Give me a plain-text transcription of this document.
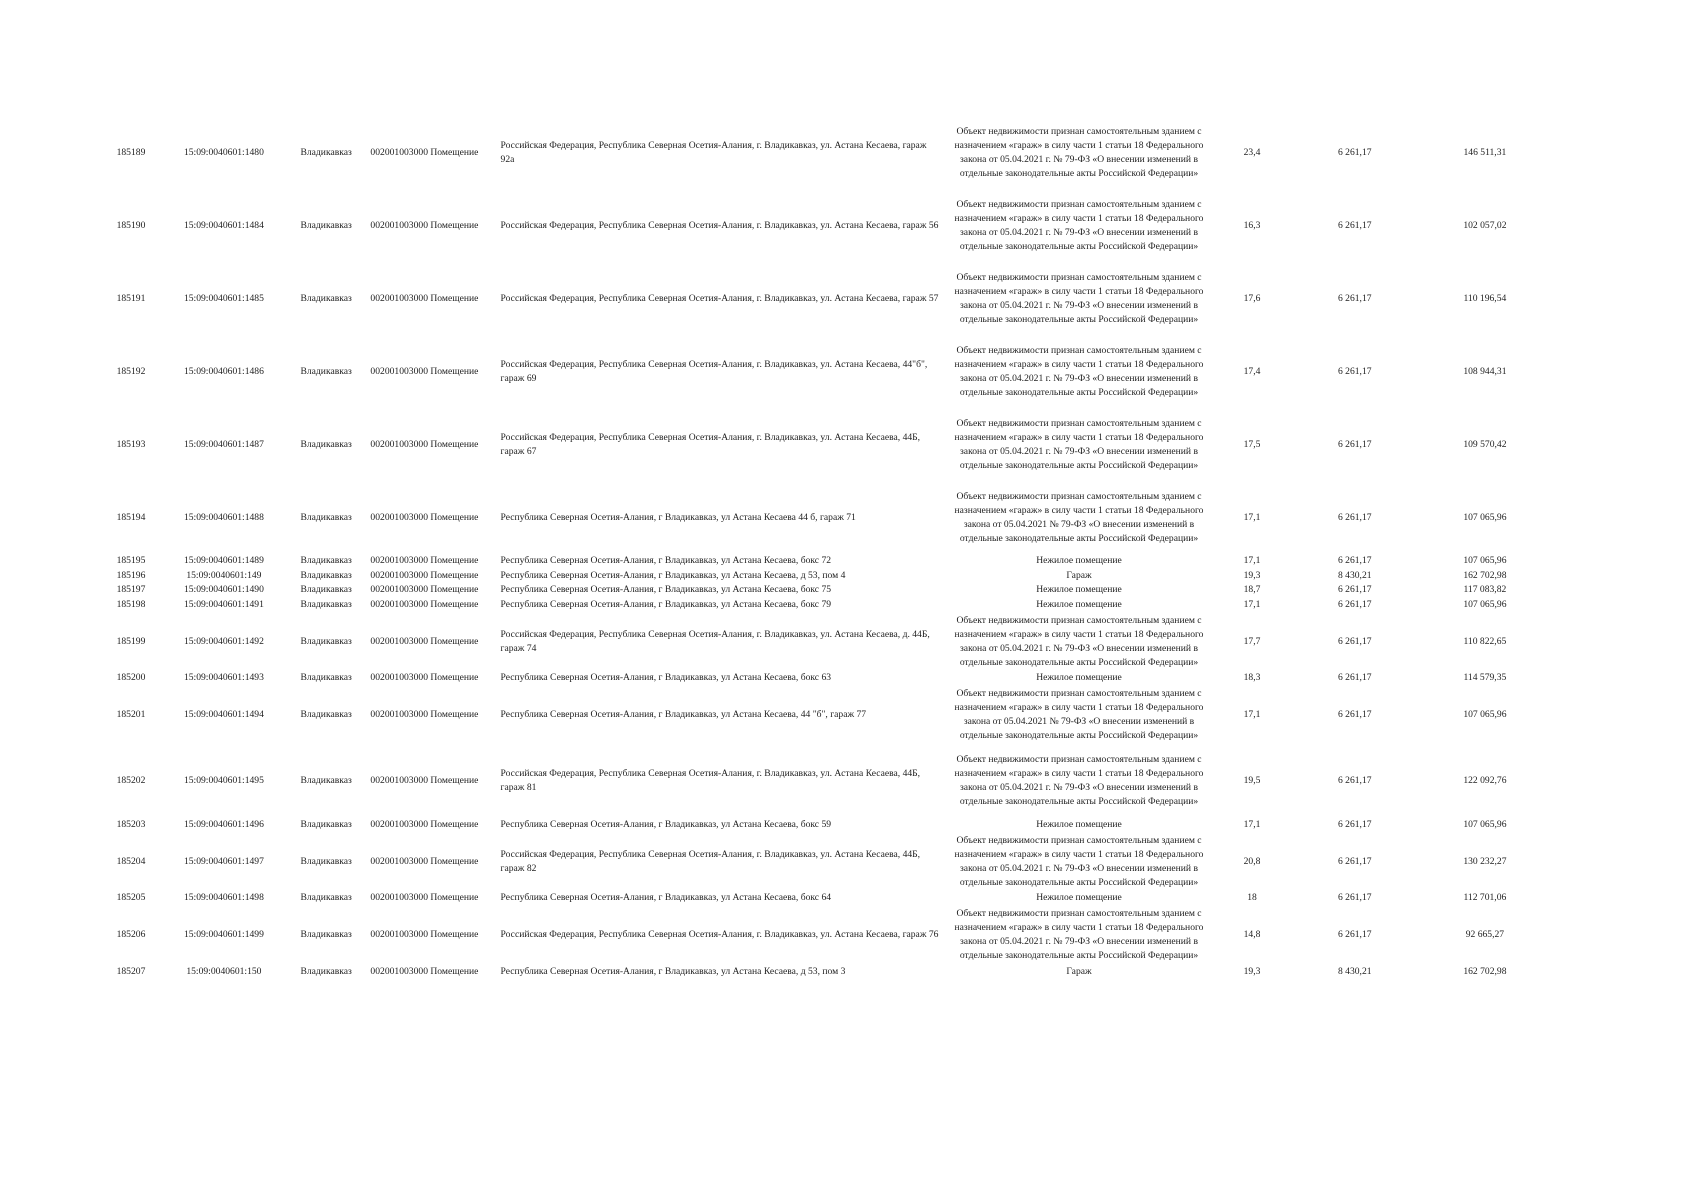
185189	15:09:0040601:1480	Владикавказ	002001003000 Помещение	Российская Федерация, Республика Северная Осетия-Алания, г. Владикавказ, ул. Астана Кесаева, гараж 92а	Объект недвижимости признан самостоятельным зданием с назначением «гараж» в силу части 1 статьи 18 Федерального закона от 05.04.2021 г. № 79-ФЗ «О внесении изменений в отдельные законодательные акты Российской Федерации»	23,4	6 261,17	146 511,31
185190	15:09:0040601:1484	Владикавказ	002001003000 Помещение	Российская Федерация, Республика Северная Осетия-Алания, г. Владикавказ, ул. Астана Кесаева, гараж 56	Объект недвижимости признан самостоятельным зданием с назначением «гараж» в силу части 1 статьи 18 Федерального закона от 05.04.2021 г. № 79-ФЗ «О внесении изменений в отдельные законодательные акты Российской Федерации»	16,3	6 261,17	102 057,02
185191	15:09:0040601:1485	Владикавказ	002001003000 Помещение	Российская Федерация, Республика Северная Осетия-Алания, г. Владикавказ, ул. Астана Кесаева, гараж 57	Объект недвижимости признан самостоятельным зданием с назначением «гараж» в силу части 1 статьи 18 Федерального закона от 05.04.2021 г. № 79-ФЗ «О внесении изменений в отдельные законодательные акты Российской Федерации»	17,6	6 261,17	110 196,54
185192	15:09:0040601:1486	Владикавказ	002001003000 Помещение	Российская Федерация, Республика Северная Осетия-Алания, г. Владикавказ, ул. Астана Кесаева, 44"б", гараж 69	Объект недвижимости признан самостоятельным зданием с назначением «гараж» в силу части 1 статьи 18 Федерального закона от 05.04.2021 г. № 79-ФЗ «О внесении изменений в отдельные законодательные акты Российской Федерации»	17,4	6 261,17	108 944,31
185193	15:09:0040601:1487	Владикавказ	002001003000 Помещение	Российская Федерация, Республика Северная Осетия-Алания, г. Владикавказ, ул. Астана Кесаева, 44Б, гараж 67	Объект недвижимости признан самостоятельным зданием с назначением «гараж» в силу части 1 статьи 18 Федерального закона от 05.04.2021 г. № 79-ФЗ «О внесении изменений в отдельные законодательные акты Российской Федерации»	17,5	6 261,17	109 570,42
185194	15:09:0040601:1488	Владикавказ	002001003000 Помещение	Республика Северная Осетия-Алания, г Владикавказ, ул Астана Кесаева 44 б, гараж 71	Объект недвижимости признан самостоятельным зданием с назначением «гараж» в силу части 1 статьи 18 Федерального закона от 05.04.2021 № 79-ФЗ «О внесении изменений в отдельные законодательные акты Российской Федерации»	17,1	6 261,17	107 065,96
185195	15:09:0040601:1489	Владикавказ	002001003000 Помещение	Республика Северная Осетия-Алания, г Владикавказ, ул Астана Кесаева, бокс 72	Нежилое помещение	17,1	6 261,17	107 065,96
185196	15:09:0040601:149	Владикавказ	002001003000 Помещение	Республика Северная Осетия-Алания, г Владикавказ, ул Астана Кесаева, д 53, пом 4	Гараж	19,3	8 430,21	162 702,98
185197	15:09:0040601:1490	Владикавказ	002001003000 Помещение	Республика Северная Осетия-Алания, г Владикавказ, ул Астана Кесаева, бокс 75	Нежилое помещение	18,7	6 261,17	117 083,82
185198	15:09:0040601:1491	Владикавказ	002001003000 Помещение	Республика Северная Осетия-Алания, г Владикавказ, ул Астана Кесаева, бокс 79	Нежилое помещение	17,1	6 261,17	107 065,96
185199	15:09:0040601:1492	Владикавказ	002001003000 Помещение	Российская Федерация, Республика Северная Осетия-Алания, г. Владикавказ, ул. Астана Кесаева, д. 44Б, гараж 74	Объект недвижимости признан самостоятельным зданием с назначением «гараж» в силу части 1 статьи 18 Федерального закона от 05.04.2021 г. № 79-ФЗ «О внесении изменений в отдельные законодательные акты Российской Федерации»	17,7	6 261,17	110 822,65
185200	15:09:0040601:1493	Владикавказ	002001003000 Помещение	Республика Северная Осетия-Алания, г Владикавказ, ул Астана Кесаева, бокс 63	Нежилое помещение	18,3	6 261,17	114 579,35
185201	15:09:0040601:1494	Владикавказ	002001003000 Помещение	Республика Северная Осетия-Алания, г Владикавказ, ул Астана Кесаева, 44 "б", гараж 77	Объект недвижимости признан самостоятельным зданием с назначением «гараж» в силу части 1 статьи 18 Федерального закона от 05.04.2021 № 79-ФЗ «О внесении изменений в отдельные законодательные акты Российской Федерации»	17,1	6 261,17	107 065,96
185202	15:09:0040601:1495	Владикавказ	002001003000 Помещение	Российская Федерация, Республика Северная Осетия-Алания, г. Владикавказ, ул. Астана Кесаева, 44Б, гараж 81	Объект недвижимости признан самостоятельным зданием с назначением «гараж» в силу части 1 статьи 18 Федерального закона от 05.04.2021 г. № 79-ФЗ «О внесении изменений в отдельные законодательные акты Российской Федерации»	19,5	6 261,17	122 092,76
185203	15:09:0040601:1496	Владикавказ	002001003000 Помещение	Республика Северная Осетия-Алания, г Владикавказ, ул Астана Кесаева, бокс 59	Нежилое помещение	17,1	6 261,17	107 065,96
185204	15:09:0040601:1497	Владикавказ	002001003000 Помещение	Российская Федерация, Республика Северная Осетия-Алания, г. Владикавказ, ул. Астана Кесаева, 44Б, гараж 82	Объект недвижимости признан самостоятельным зданием с назначением «гараж» в силу части 1 статьи 18 Федерального закона от 05.04.2021 г. № 79-ФЗ «О внесении изменений в отдельные законодательные акты Российской Федерации»	20,8	6 261,17	130 232,27
185205	15:09:0040601:1498	Владикавказ	002001003000 Помещение	Республика Северная Осетия-Алания, г Владикавказ, ул Астана Кесаева, бокс 64	Нежилое помещение	18	6 261,17	112 701,06
185206	15:09:0040601:1499	Владикавказ	002001003000 Помещение	Российская Федерация, Республика Северная Осетия-Алания, г. Владикавказ, ул. Астана Кесаева, гараж 76	Объект недвижимости признан самостоятельным зданием с назначением «гараж» в силу части 1 статьи 18 Федерального закона от 05.04.2021 г. № 79-ФЗ «О внесении изменений в отдельные законодательные акты Российской Федерации»	14,8	6 261,17	92 665,27
185207	15:09:0040601:150	Владикавказ	002001003000 Помещение	Республика Северная Осетия-Алания, г Владикавказ, ул Астана Кесаева, д 53, пом 3	Гараж	19,3	8 430,21	162 702,98
